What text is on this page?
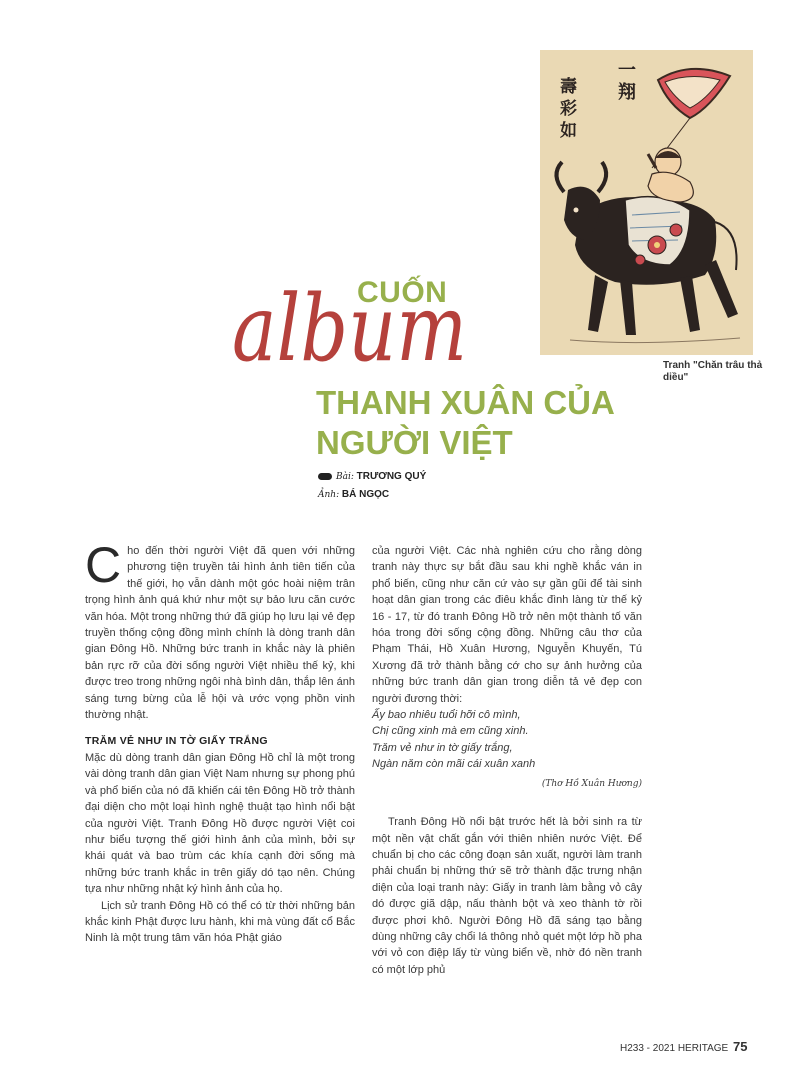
一翔
壽彩如
Tranh "Chăn trâu thả diều"
CUỐN
album
THANH XUÂN CỦA
NGƯỜI VIỆT
Bài: TRƯƠNG QUÝ
Ảnh: BÁ NGỌC

Cho đến thời người Việt đã quen với những phương tiện truyền tải hình ảnh tiên tiến của thế giới, họ vẫn dành một góc hoài niệm trân trọng hình ảnh quá khứ như một sự bảo lưu căn cước văn hóa. Một trong những thứ đã giúp họ lưu lại vẻ đẹp truyền thống cộng đồng mình chính là dòng tranh dân gian Đông Hồ. Những bức tranh in khắc này là phiên bản rực rỡ của đời sống người Việt nhiều thế kỷ, khi được treo trong những ngôi nhà bình dân, thắp lên ánh sáng tưng bừng của lễ hội và ước vọng phồn vinh thường nhật.

TRĂM VẺ NHƯ IN TỜ GIẤY TRẮNG

Mặc dù dòng tranh dân gian Đông Hồ chỉ là một trong vài dòng tranh dân gian Việt Nam nhưng sự phong phú và phổ biến của nó đã khiến cái tên Đông Hồ trở thành đại diện cho một loại hình nghệ thuật tạo hình nổi bật của người Việt. Tranh Đông Hồ được người Việt coi như biểu tượng thế giới hình ảnh của mình, bởi sự khái quát và bao trùm các khía cạnh đời sống mà những bức tranh khắc in trên giấy dó tạo nên. Chúng tựa như những nhật ký hình ảnh của họ.

Lịch sử tranh Đông Hồ có thể có từ thời những bản khắc kinh Phật được lưu hành, khi mà vùng đất cổ Bắc Ninh là một trung tâm văn hóa Phật giáo

của người Việt. Các nhà nghiên cứu cho rằng dòng tranh này thực sự bắt đầu sau khi nghề khắc ván in phổ biến, cũng như căn cứ vào sự gần gũi để tài sinh hoạt dân gian trong các điêu khắc đình làng từ thế kỷ 16 - 17, từ đó tranh Đông Hồ trở nên một thành tố văn hóa trong đời sống cộng đồng. Những câu thơ của Phạm Thái, Hồ Xuân Hương, Nguyễn Khuyến, Tú Xương đã trở thành bằng cớ cho sự ảnh hưởng của những bức tranh dân gian trong diễn tả vẻ đẹp con người đương thời:

Ấy bao nhiêu tuổi hỡi cô mình,

Chị cũng xinh mà em cũng xinh.

Trăm vẻ như in tờ giấy trắng,

Ngàn năm còn mãi cái xuân xanh

(Thơ Hồ Xuân Hương)

Tranh Đông Hồ nổi bật trước hết là bởi sinh ra từ một nền vật chất gắn với thiên nhiên nước Việt. Để chuẩn bị cho các công đoạn sản xuất, người làm tranh phải chuẩn bị những thứ sẽ trở thành đặc trưng nhận diện của loại tranh này: Giấy in tranh làm bằng vỏ cây dó được giã dập, nấu thành bột và xeo thành tờ rồi được phơi khô. Người Đông Hồ đã sáng tạo bằng dùng những cây chổi lá thông nhỏ quét một lớp hồ pha với vỏ con điệp lấy từ vùng biển về, nhờ đó nền tranh có một lớp phủ

H233 - 2021 HERITAGE 75
